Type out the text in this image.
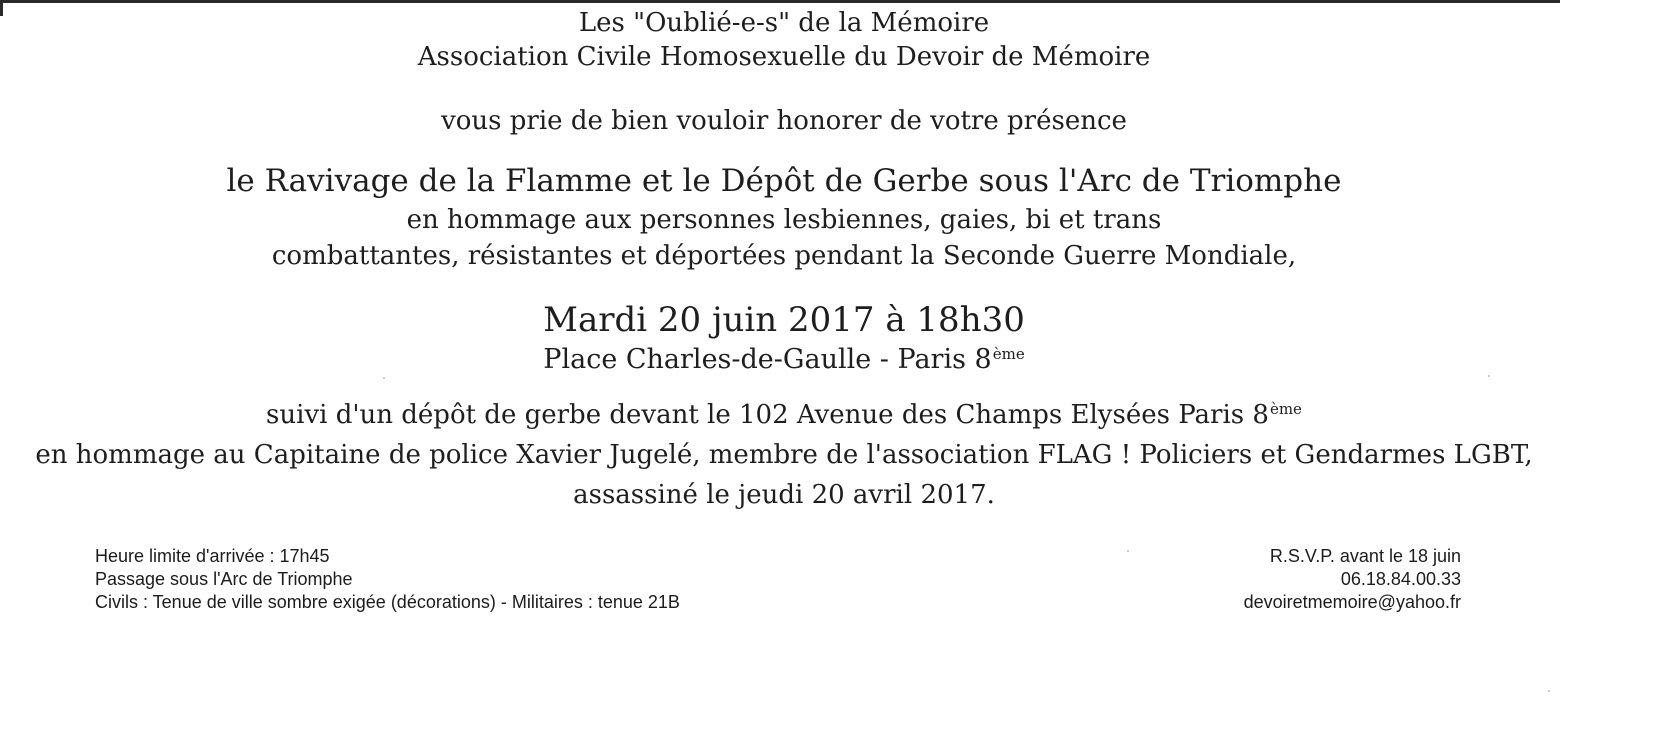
Les "Oublié-e-s" de la Mémoire
Association Civile Homosexuelle du Devoir de Mémoire
vous prie de bien vouloir honorer de votre présence
le Ravivage de la Flamme et le Dépôt de Gerbe sous l'Arc de Triomphe
en hommage aux personnes lesbiennes, gaies, bi et trans
combattantes, résistantes et déportées pendant la Seconde Guerre Mondiale,
Mardi 20 juin 2017 à 18h30
Place Charles-de-Gaulle - Paris 8ème
suivi d'un dépôt de gerbe devant le 102 Avenue des Champs Elysées Paris 8ème
en hommage au Capitaine de police Xavier Jugelé, membre de l'association FLAG ! Policiers et Gendarmes LGBT,
assassiné le jeudi 20 avril 2017.
Heure limite d'arrivée : 17h45
Passage sous l'Arc de Triomphe
Civils : Tenue de ville sombre exigée (décorations) - Militaires : tenue 21B
R.S.V.P. avant le 18 juin
06.18.84.00.33
devoiretmemoire@yahoo.fr
